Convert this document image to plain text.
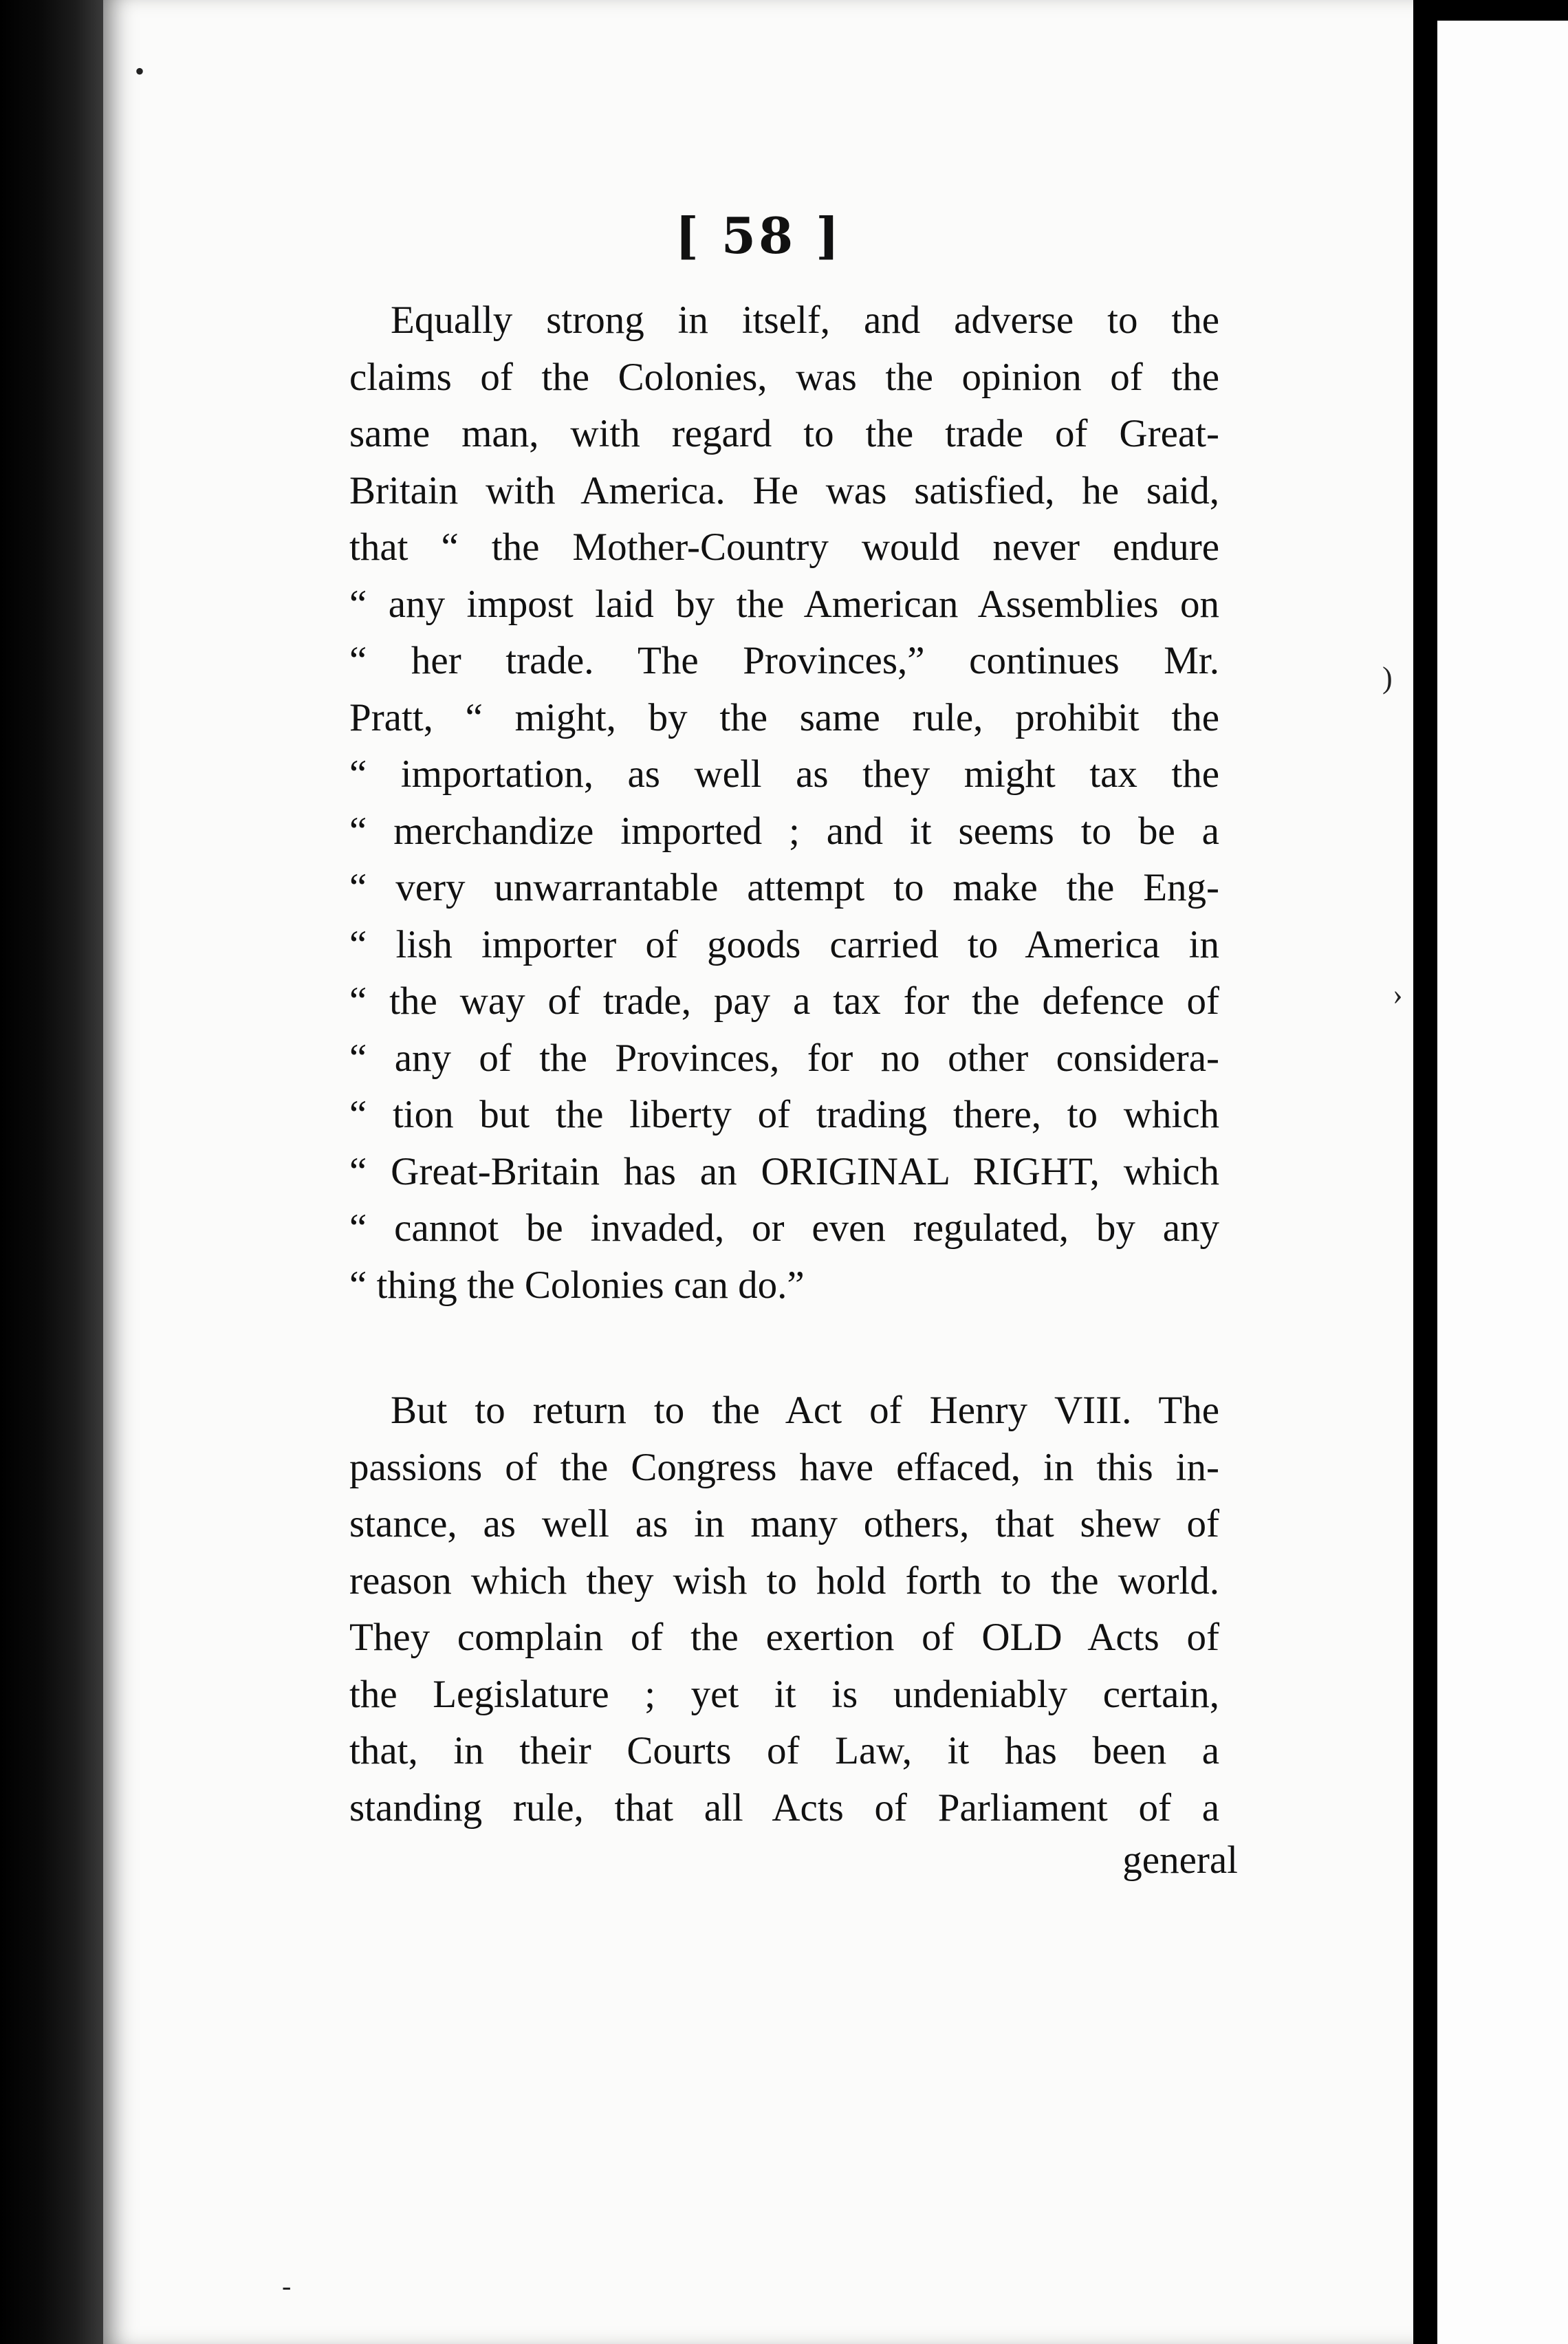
[ 58 ]
•
-
)
›
Equally strong in itself, and adverse to the
claims of the Colonies, was the opinion of the
same man, with regard to the trade of Great-
Britain with America. He was satisfied, he said,
that “ the Mother-Country would never endure
“ any impost laid by the American Assemblies on
“ her trade. The Provinces,” continues Mr.
Pratt, “ might, by the same rule, prohibit the
“ importation, as well as they might tax the
“ merchandize imported ; and it seems to be a
“ very unwarrantable attempt to make the Eng-
“ lish importer of goods carried to America in
“ the way of trade, pay a tax for the defence of
“ any of the Provinces, for no other considera-
“ tion but the liberty of trading there, to which
“ Great-Britain has an ORIGINAL RIGHT, which
“ cannot be invaded, or even regulated, by any
“ thing the Colonies can do.”
But to return to the Act of Henry VIII. The
passions of the Congress have effaced, in this in-
stance, as well as in many others, that shew of
reason which they wish to hold forth to the world.
They complain of the exertion of OLD Acts of
the Legislature ; yet it is undeniably certain,
that, in their Courts of Law, it has been a
standing rule, that all Acts of Parliament of a
general
